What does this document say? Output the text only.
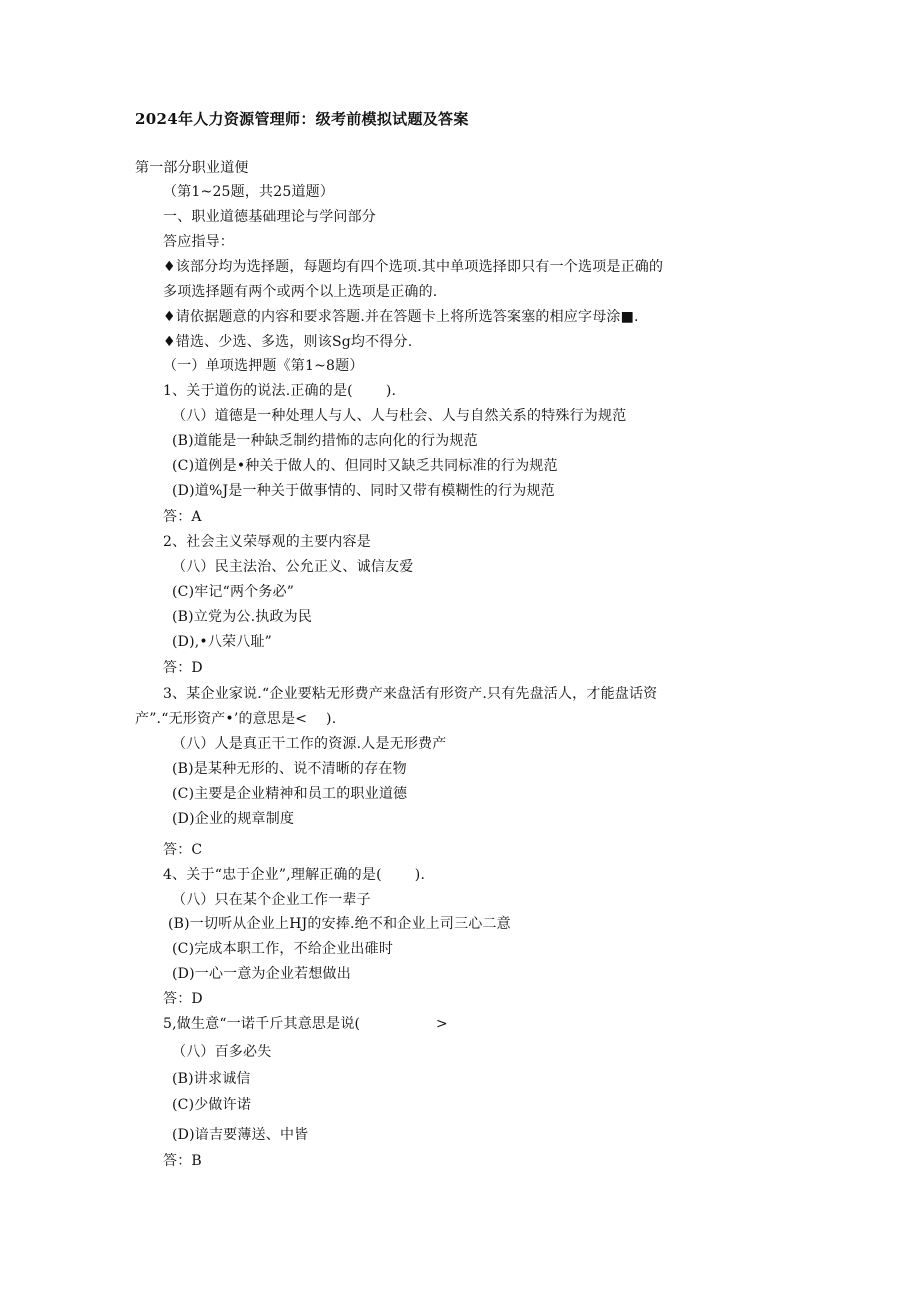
2024年人力资源管理师：级考前模拟试题及答案
第一部分职业道便
（第1~25题，共25道题）
一、职业道德基础理论与学问部分
答应指导：
♦该部分均为选择题，每题均有四个选项.其中单项选择即只有一个选项是正确的
多项选择题有两个或两个以上选项是正确的.
♦请依据题意的内容和要求答题.并在答题卡上将所选答案塞的相应字母涂■.
♦错选、少选、多选，则该Sg均不得分.
（一）单项选押题《第1~8题）
1、关于道伤的说法.正确的是(　　 ).
（八）道德是一种处理人与人、人与杜会、人与自然关系的特殊行为规范
(B)道能是一种缺乏制约措怖的志向化的行为规范
(C)道例是•种关于做人的、但同时又缺乏共同标准的行为规范
(D)道%J是一种关于做事情的、同时又带有模糊性的行为规范
答：A
2、社会主义荣辱观的主要内容是
（八）民主法治、公允正义、诚信友爱
(C)牢记“两个务必”
(B)立党为公.执政为民
(D),•八荣八耻”
答：D
3、某企业家说.“企业要粘无形费产来盘活有形资产.只有先盘活人，才能盘话资
产”.“无形资产•’的意思是<　 ).
（八）人是真正干工作的资源.人是无形费产
(B)是某种无形的、说不清晰的存在物
(C)主要是企业精神和员工的职业道德
(D)企业的规章制度
答：C
4、关于“忠于企业”,理解正确的是(　　 ).
（八）只在某个企业工作一辈子
(B)一切听从企业上HJ的安捧.绝不和企业上司三心二意
(C)完成本职工作，不给企业出碓时
(D)一心一意为企业若想做出
答：D
5,做生意“一诺千斤其意思是说(　　　　　 >
（八）百多必失
(B)讲求诚信
(C)少做许诺
(D)谙吉要薄送、中皆
答：B
